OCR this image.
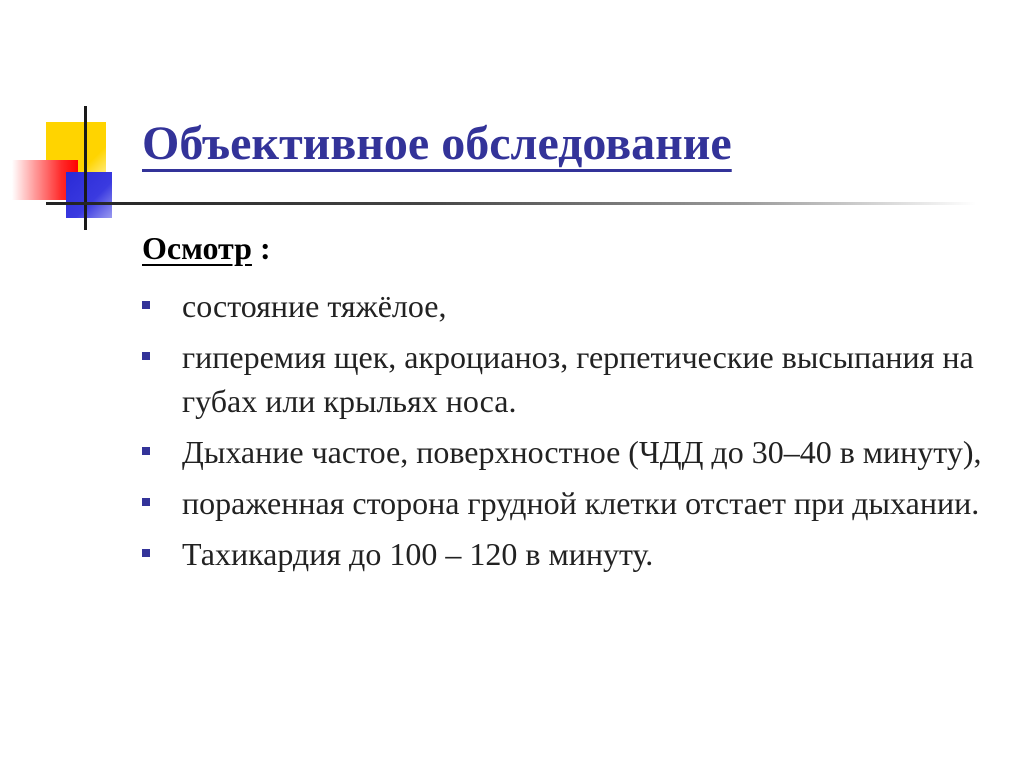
Объективное обследование
Осмотр :
состояние тяжёлое,
гиперемия щек, акроцианоз, герпетические высыпания на губах или крыльях носа.
Дыхание частое, поверхностное (ЧДД до 30–40 в минуту),
пораженная сторона грудной клетки отстает при дыхании.
Тахикардия до 100 – 120 в минуту.
